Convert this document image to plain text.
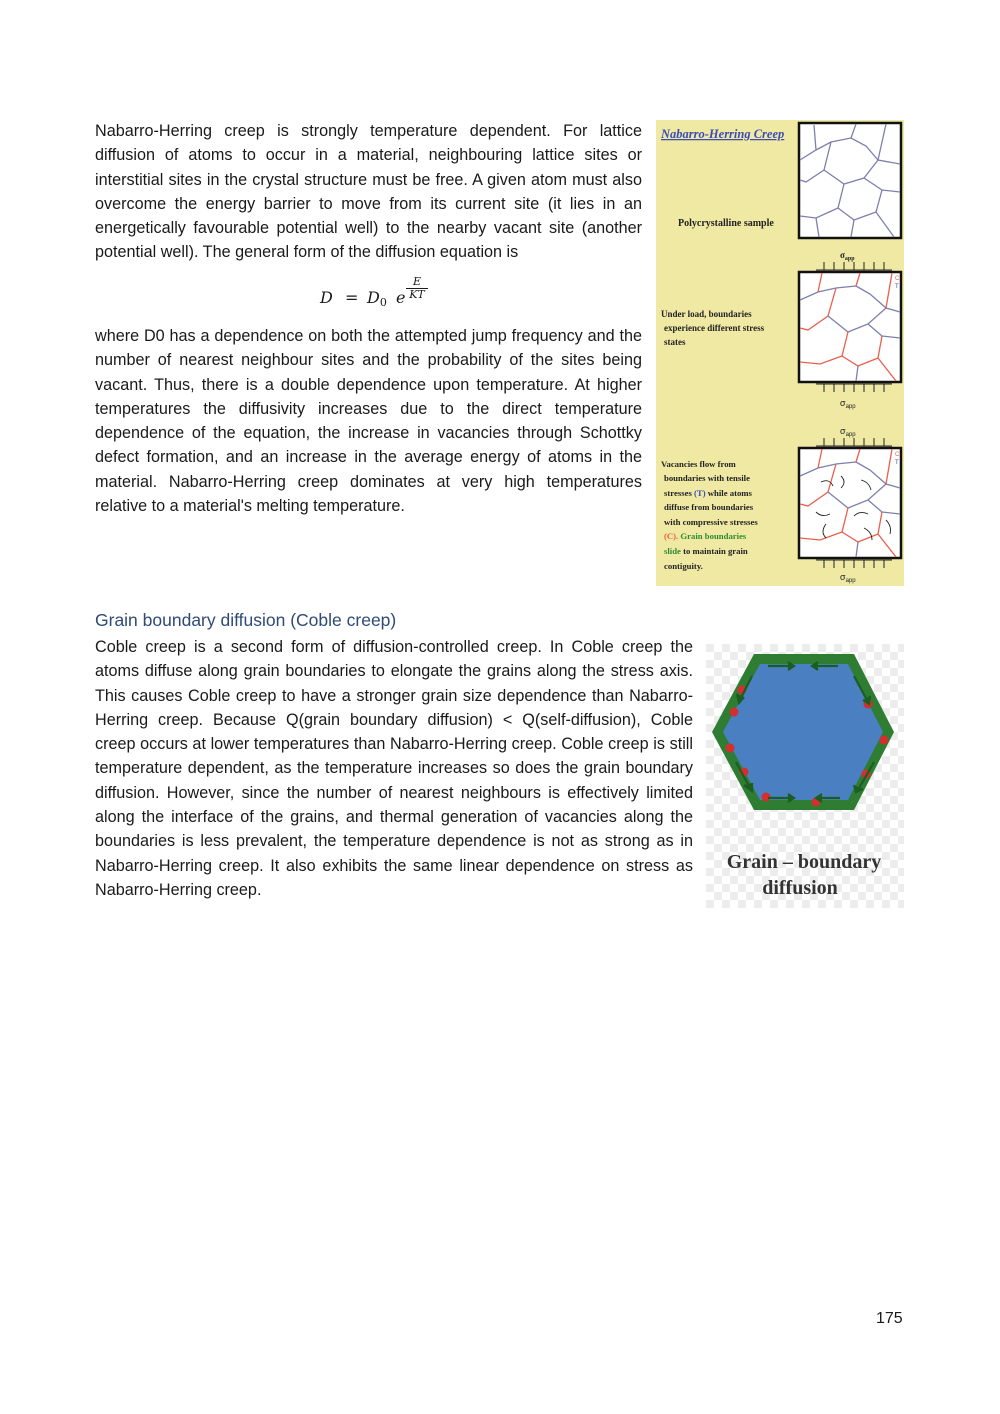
Nabarro-Herring creep is strongly temperature dependent. For lattice diffusion of atoms to occur in a material, neighbouring lattice sites or interstitial sites in the crystal structure must be free. A given atom must also overcome the energy barrier to move from its current site (it lies in an energetically favourable potential well) to the nearby vacant site (another potential well). The general form of the diffusion equation is

D = D0 e $\frac{E}{KT}$

where D0 has a dependence on both the attempted jump frequency and the number of nearest neighbour sites and the probability of the sites being vacant. Thus, there is a double dependence upon temperature. At higher temperatures the diffusivity increases due to the direct temperature dependence of the equation, the increase in vacancies through Schottky defect formation, and an increase in the average energy of atoms in the material. Nabarro-Herring creep dominates at very high temperatures relative to a material's melting temperature.

Nabarro-Herring Creep
Polycrystalline sample
$\sigma_{app}$
$\sigma_{app}$
C
T
Under load, boundaries
experience different stress
states
$\sigma_{app}$
$\sigma_{app}$
C
T
Vacancies flow from
boundaries with tensile
stresses (T) while atoms
diffuse from boundaries
with compressive stresses
(C). Grain boundaries
slide to maintain grain
contiguity.
Grain boundary diffusion (Coble creep)

Coble creep is a second form of diffusion-controlled creep. In Coble creep the atoms diffuse along grain boundaries to elongate the grains along the stress axis. This causes Coble creep to have a stronger grain size dependence than Nabarro-Herring creep. Because Q(grain boundary diffusion) < Q(self-diffusion), Coble creep occurs at lower temperatures than Nabarro-Herring creep. Coble creep is still temperature dependent, as the temperature increases so does the grain boundary diffusion. However, since the number of nearest neighbours is effectively limited along the interface of the grains, and thermal generation of vacancies along the boundaries is less prevalent, the temperature dependence is not as strong as in Nabarro-Herring creep. It also exhibits the same linear dependence on stress as Nabarro-Herring creep.

Grain – boundary
diffusion
175
